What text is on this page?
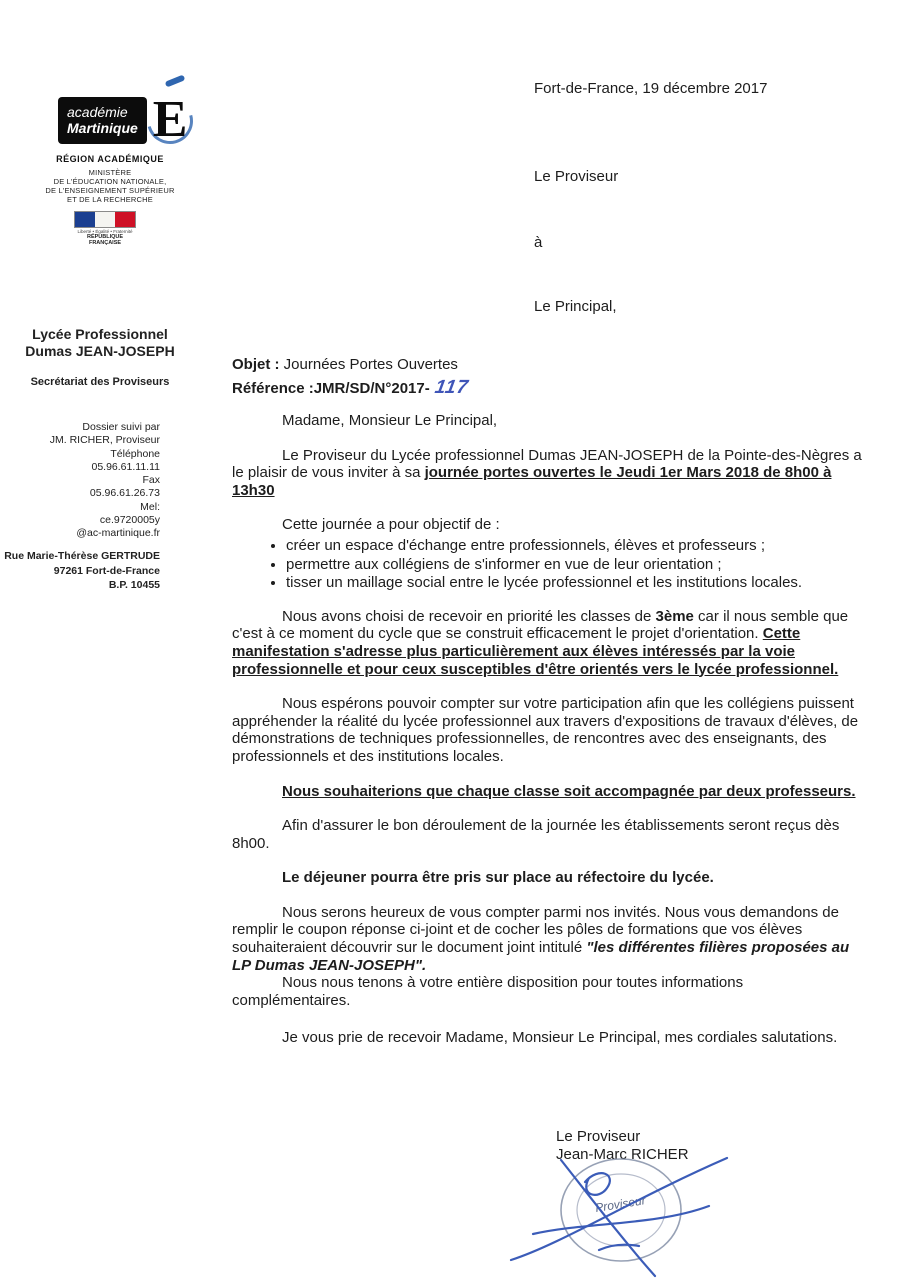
académie
Martinique E
RÉGION ACADÉMIQUE
MINISTÈRE
DE L'ÉDUCATION NATIONALE,
DE L'ENSEIGNEMENT SUPÉRIEUR
ET DE LA RECHERCHE
Liberté • Égalité • Fraternité
RÉPUBLIQUE FRANÇAISE
Lycée Professionnel
Dumas JEAN-JOSEPH
Secrétariat des Proviseurs
Dossier suivi par
JM. RICHER, Proviseur
Téléphone
05.96.61.11.11
Fax
05.96.61.26.73
Mel:
ce.9720005y
@ac-martinique.fr
Rue Marie-Thérèse GERTRUDE
97261 Fort-de-France
B.P. 10455
Fort-de-France, 19 décembre 2017
Le Proviseur
à
Le Principal,
Objet : Journées Portes Ouvertes
Référence :JMR/SD/N°2017- 117

Madame, Monsieur Le Principal,

Le Proviseur du Lycée professionnel Dumas JEAN-JOSEPH de la Pointe-des-Nègres a le plaisir de vous inviter à sa journée portes ouvertes le Jeudi 1er Mars 2018 de 8h00 à 13h30

Cette journée a pour objectif de :

• créer un espace d'échange entre professionnels, élèves et professeurs ;
• permettre aux collégiens de s'informer en vue de leur orientation ;
• tisser un maillage social entre le lycée professionnel et les institutions locales.

Nous avons choisi de recevoir en priorité les classes de 3ème car il nous semble que c'est à ce moment du cycle que se construit efficacement le projet d'orientation. Cette manifestation s'adresse plus particulièrement aux élèves intéressés par la voie professionnelle et pour ceux susceptibles d'être orientés vers le lycée professionnel.

Nous espérons pouvoir compter sur votre participation afin que les collégiens puissent appréhender la réalité du lycée professionnel aux travers d'expositions de travaux d'élèves, de démonstrations de techniques professionnelles, de rencontres avec des enseignants, des professionnels et des institutions locales.

Nous souhaiterions que chaque classe soit accompagnée par deux professeurs.

Afin d'assurer le bon déroulement de la journée les établissements seront reçus dès 8h00.

Le déjeuner pourra être pris sur place au réfectoire du lycée.

Nous serons heureux de vous compter parmi nos invités. Nous vous demandons de remplir le coupon réponse ci-joint et de cocher les pôles de formations que vos élèves souhaiteraient découvrir sur le document joint intitulé "les différentes filières proposées au LP Dumas JEAN-JOSEPH".

Nous nous tenons à votre entière disposition pour toutes informations complémentaires.

Je vous prie de recevoir Madame, Monsieur Le Principal, mes cordiales salutations.

Le Proviseur
Jean-Marc RICHER
Proviseur
